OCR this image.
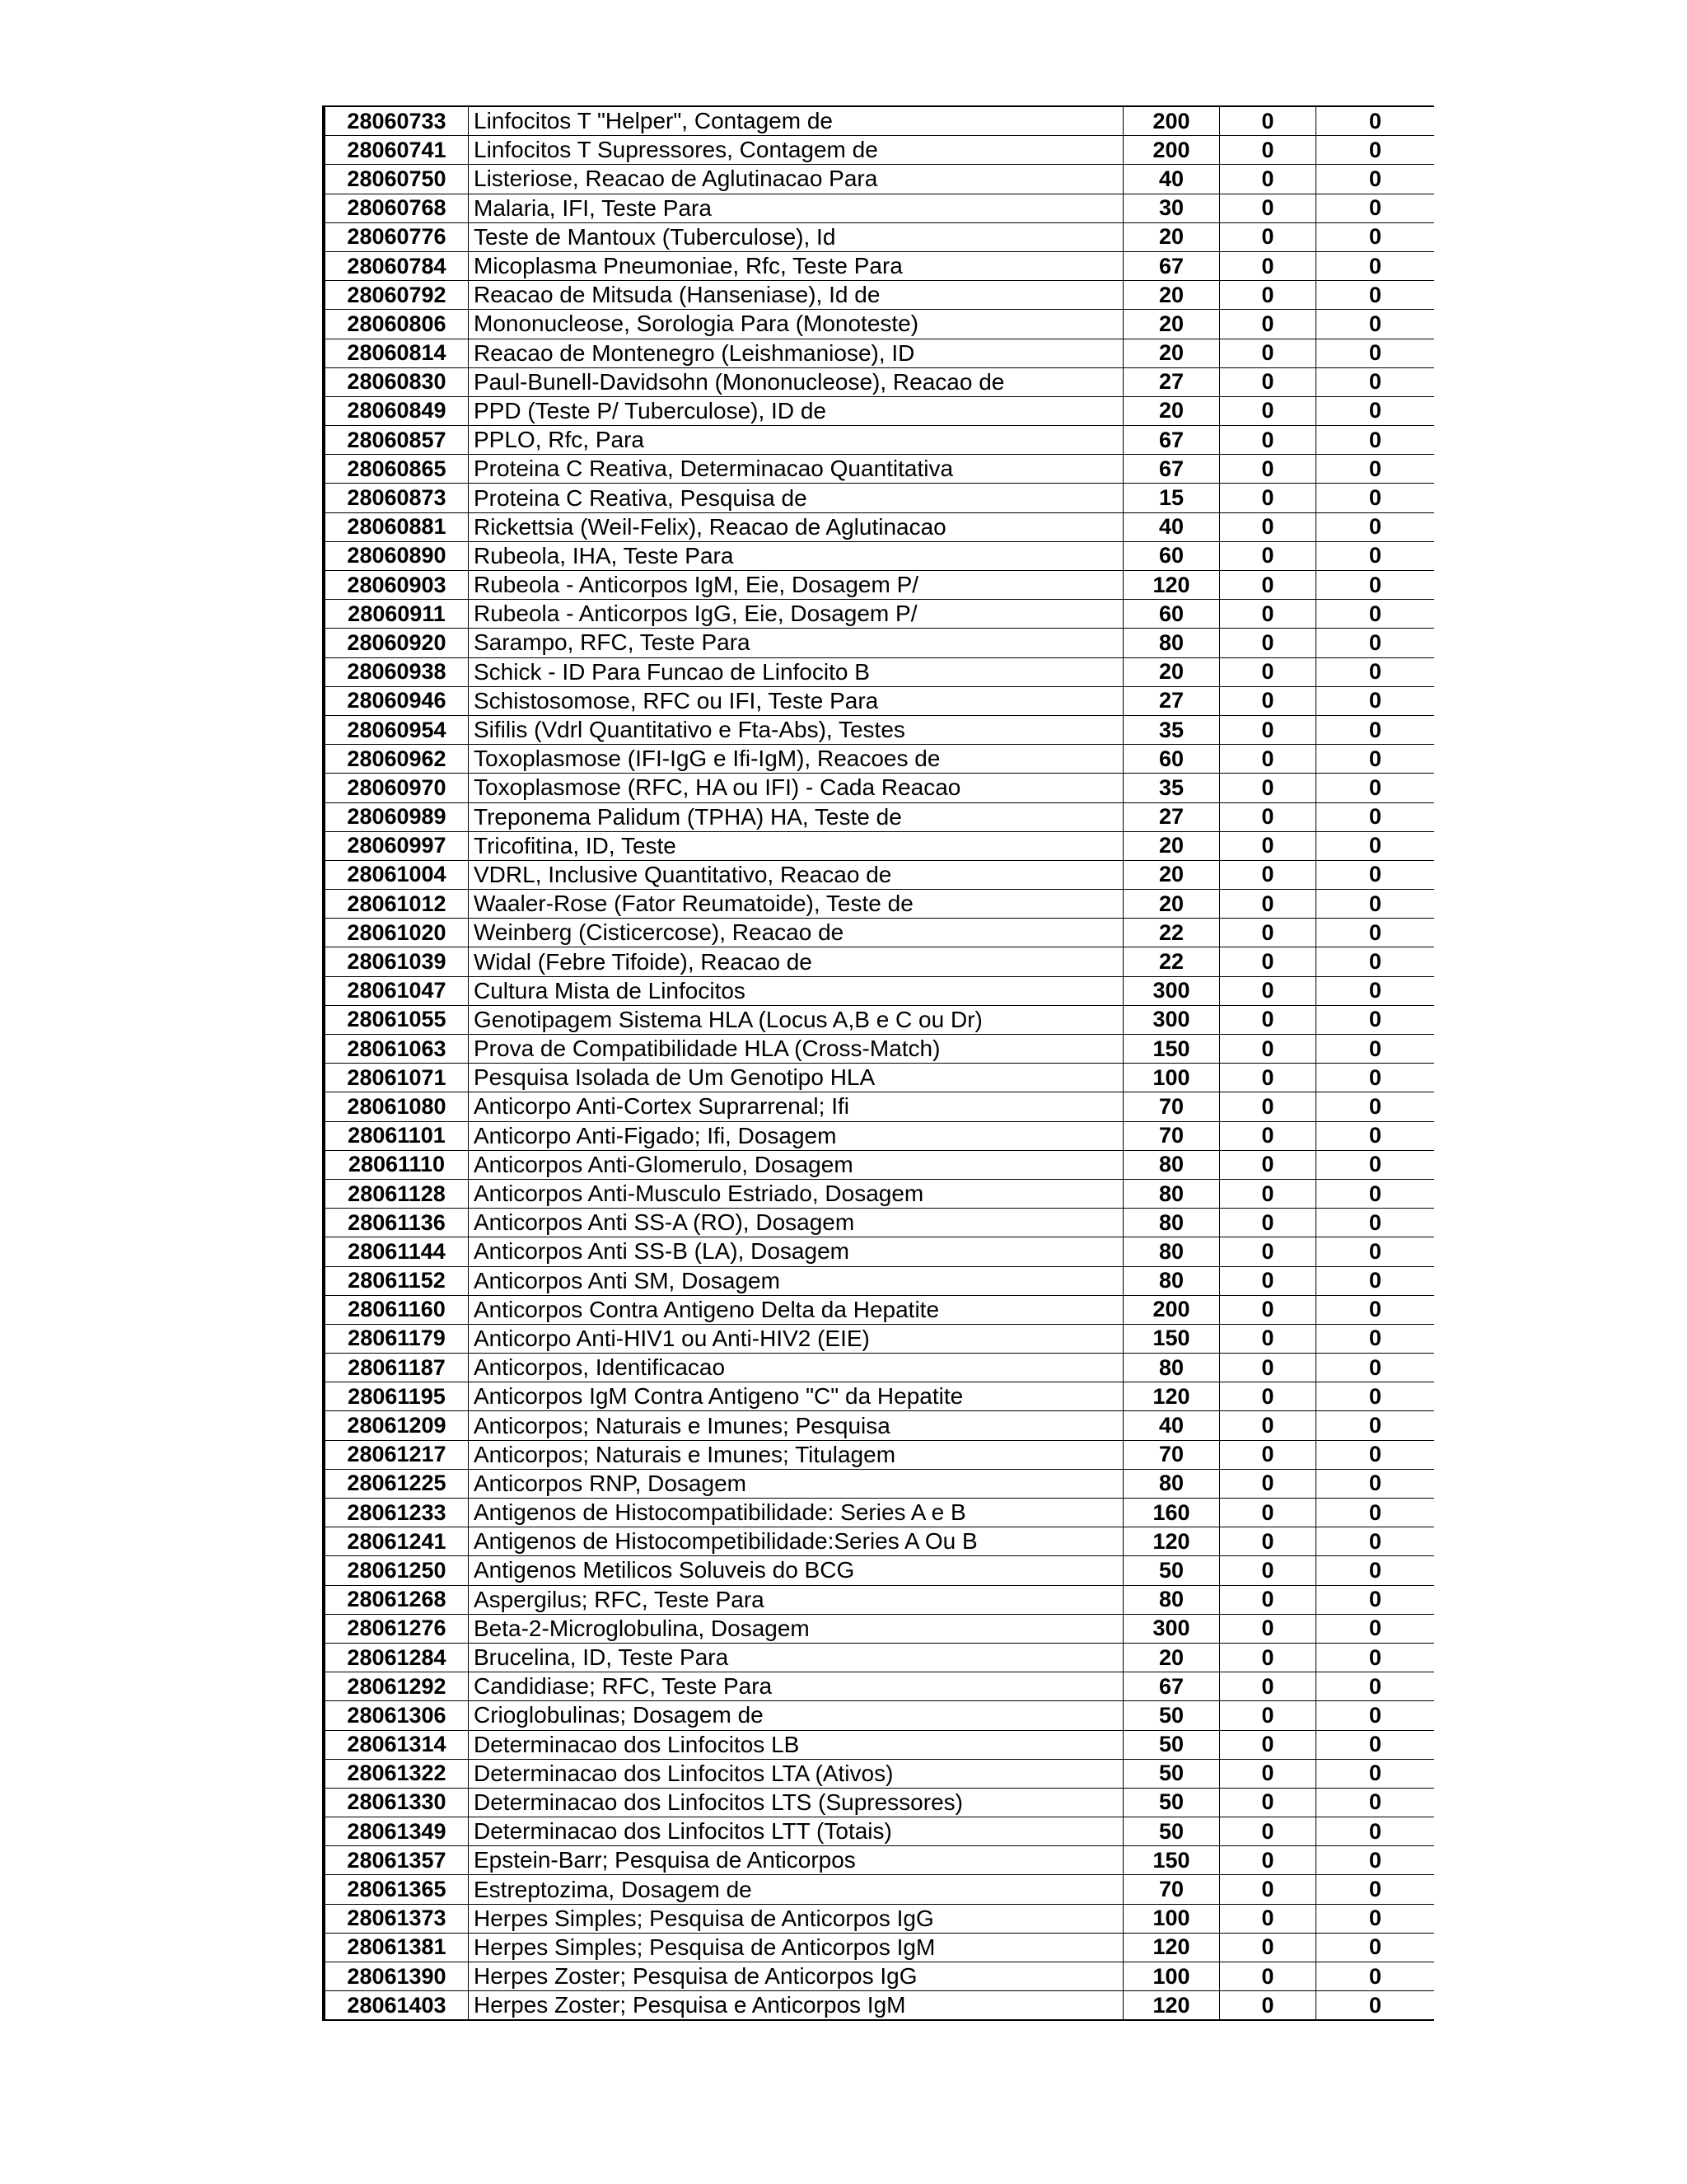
28060733	Linfocitos T "Helper", Contagem de	200	0	0
28060741	Linfocitos T Supressores, Contagem de	200	0	0
28060750	Listeriose, Reacao de Aglutinacao Para	40	0	0
28060768	Malaria, IFI, Teste Para	30	0	0
28060776	Teste de Mantoux (Tuberculose), Id	20	0	0
28060784	Micoplasma Pneumoniae, Rfc, Teste Para	67	0	0
28060792	Reacao de Mitsuda (Hanseniase), Id de	20	0	0
28060806	Mononucleose, Sorologia Para (Monoteste)	20	0	0
28060814	Reacao de Montenegro (Leishmaniose), ID	20	0	0
28060830	Paul-Bunell-Davidsohn (Mononucleose), Reacao de	27	0	0
28060849	PPD (Teste P/ Tuberculose), ID de	20	0	0
28060857	PPLO, Rfc, Para	67	0	0
28060865	Proteina C Reativa, Determinacao Quantitativa	67	0	0
28060873	Proteina C Reativa, Pesquisa de	15	0	0
28060881	Rickettsia (Weil-Felix), Reacao de Aglutinacao	40	0	0
28060890	Rubeola, IHA, Teste Para	60	0	0
28060903	Rubeola - Anticorpos IgM, Eie, Dosagem P/	120	0	0
28060911	Rubeola - Anticorpos IgG, Eie, Dosagem P/	60	0	0
28060920	Sarampo, RFC, Teste Para	80	0	0
28060938	Schick - ID Para Funcao de Linfocito B	20	0	0
28060946	Schistosomose, RFC ou IFI, Teste Para	27	0	0
28060954	Sifilis (Vdrl Quantitativo e Fta-Abs), Testes	35	0	0
28060962	Toxoplasmose (IFI-IgG e Ifi-IgM), Reacoes de	60	0	0
28060970	Toxoplasmose (RFC, HA ou IFI) - Cada Reacao	35	0	0
28060989	Treponema Palidum (TPHA) HA, Teste de	27	0	0
28060997	Tricofitina, ID, Teste	20	0	0
28061004	VDRL, Inclusive Quantitativo, Reacao de	20	0	0
28061012	Waaler-Rose (Fator Reumatoide), Teste de	20	0	0
28061020	Weinberg (Cisticercose), Reacao de	22	0	0
28061039	Widal (Febre Tifoide), Reacao de	22	0	0
28061047	Cultura Mista de Linfocitos	300	0	0
28061055	Genotipagem Sistema HLA (Locus A,B e C ou Dr)	300	0	0
28061063	Prova de Compatibilidade HLA (Cross-Match)	150	0	0
28061071	Pesquisa Isolada de Um Genotipo HLA	100	0	0
28061080	Anticorpo Anti-Cortex Suprarrenal; Ifi	70	0	0
28061101	Anticorpo Anti-Figado; Ifi, Dosagem	70	0	0
28061110	Anticorpos Anti-Glomerulo, Dosagem	80	0	0
28061128	Anticorpos Anti-Musculo Estriado, Dosagem	80	0	0
28061136	Anticorpos Anti SS-A (RO), Dosagem	80	0	0
28061144	Anticorpos Anti SS-B (LA), Dosagem	80	0	0
28061152	Anticorpos Anti SM, Dosagem	80	0	0
28061160	Anticorpos Contra Antigeno Delta da Hepatite	200	0	0
28061179	Anticorpo Anti-HIV1 ou Anti-HIV2 (EIE)	150	0	0
28061187	Anticorpos, Identificacao	80	0	0
28061195	Anticorpos IgM Contra Antigeno "C" da Hepatite	120	0	0
28061209	Anticorpos; Naturais e Imunes; Pesquisa	40	0	0
28061217	Anticorpos; Naturais e Imunes; Titulagem	70	0	0
28061225	Anticorpos RNP, Dosagem	80	0	0
28061233	Antigenos de Histocompatibilidade: Series A e B	160	0	0
28061241	Antigenos de Histocompetibilidade:Series A Ou B	120	0	0
28061250	Antigenos Metilicos Soluveis do BCG	50	0	0
28061268	Aspergilus; RFC, Teste Para	80	0	0
28061276	Beta-2-Microglobulina, Dosagem	300	0	0
28061284	Brucelina, ID, Teste Para	20	0	0
28061292	Candidiase; RFC, Teste Para	67	0	0
28061306	Crioglobulinas; Dosagem de	50	0	0
28061314	Determinacao dos Linfocitos LB	50	0	0
28061322	Determinacao dos Linfocitos LTA (Ativos)	50	0	0
28061330	Determinacao dos Linfocitos LTS (Supressores)	50	0	0
28061349	Determinacao dos Linfocitos LTT (Totais)	50	0	0
28061357	Epstein-Barr; Pesquisa de Anticorpos	150	0	0
28061365	Estreptozima, Dosagem de	70	0	0
28061373	Herpes Simples; Pesquisa de Anticorpos IgG	100	0	0
28061381	Herpes Simples; Pesquisa de Anticorpos IgM	120	0	0
28061390	Herpes Zoster; Pesquisa de Anticorpos IgG	100	0	0
28061403	Herpes Zoster; Pesquisa e Anticorpos IgM	120	0	0
